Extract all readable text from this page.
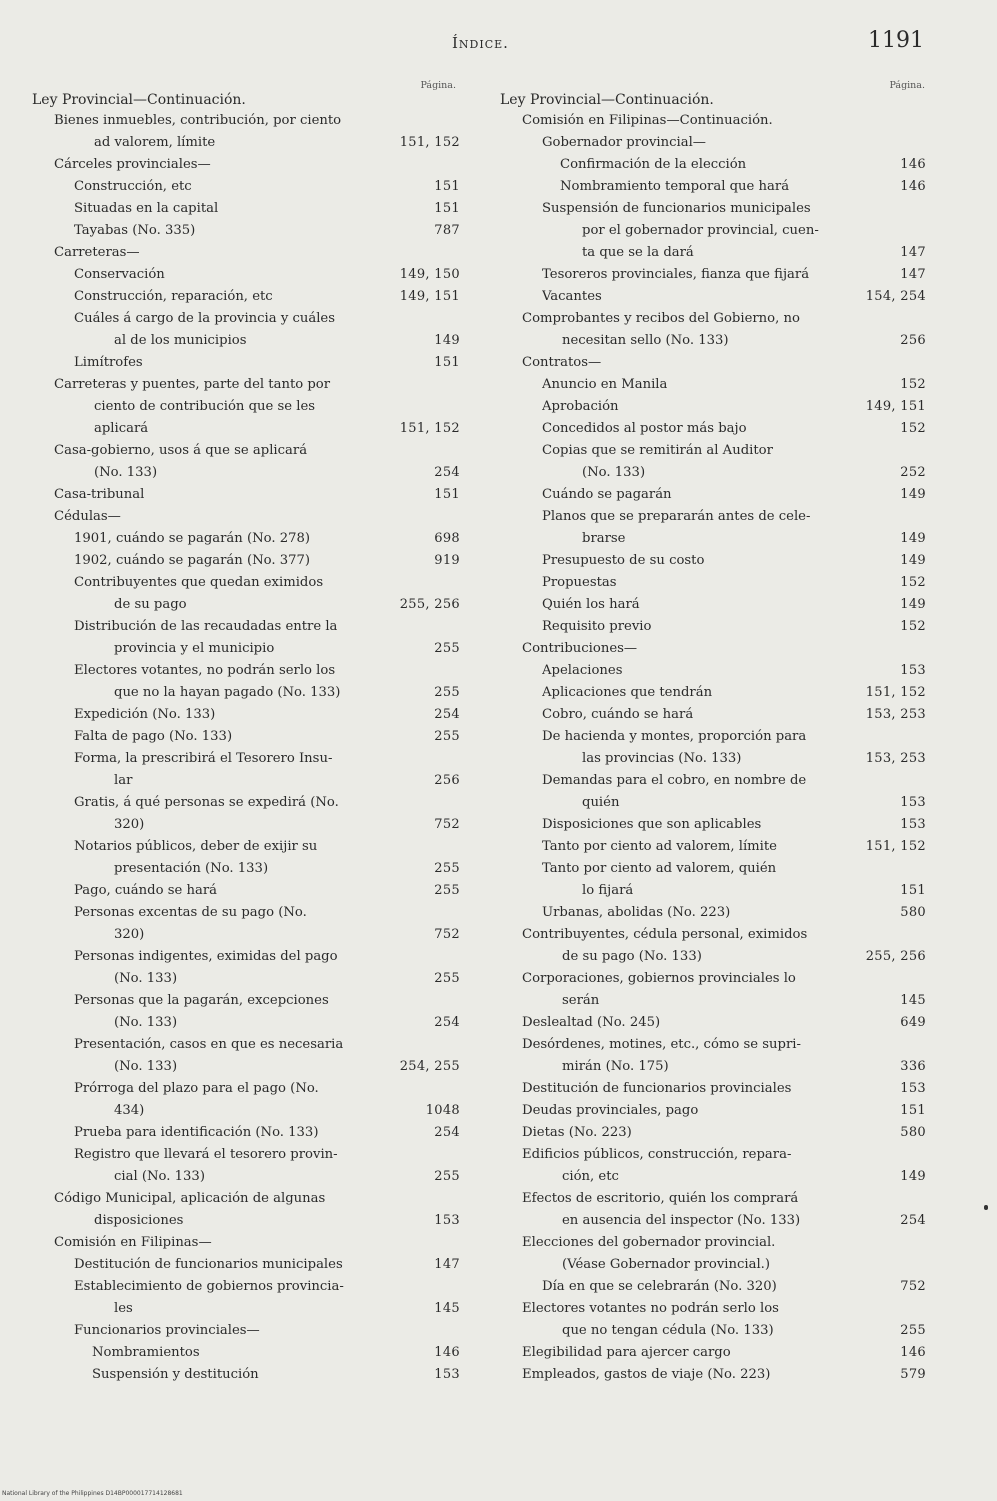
Índice.	1191
Página.
Ley Provincial—Continuación.
Bienes inmuebles, contribución, por ciento
ad valorem, límite	151, 152
Cárceles provinciales—
Construcción, etc	151
Situadas en la capital	151
Tayabas (No. 335)	787
Carreteras—
Conservación	149, 150
Construcción, reparación, etc	149, 151
Cuáles á cargo de la provincia y cuáles
al de los municipios	149
Limítrofes	151
Carreteras y puentes, parte del tanto por
ciento de contribución que se les
aplicará	151, 152
Casa-gobierno, usos á que se aplicará
(No. 133)	254
Casa-tribunal	151
Cédulas—
1901, cuándo se pagarán (No. 278)	698
1902, cuándo se pagarán (No. 377)	919
Contribuyentes que quedan eximidos
de su pago	255, 256
Distribución de las recaudadas entre la
provincia y el municipio	255
Electores votantes, no podrán serlo los
que no la hayan pagado (No. 133)	255
Expedición (No. 133)	254
Falta de pago (No. 133)	255
Forma, la prescribirá el Tesorero Insu-
lar	256
Gratis, á qué personas se expedirá (No.
320)	752
Notarios públicos, deber de exijir su
presentación (No. 133)	255
Pago, cuándo se hará	255
Personas excentas de su pago (No.
320)	752
Personas indigentes, eximidas del pago
(No. 133)	255
Personas que la pagarán, excepciones
(No. 133)	254
Presentación, casos en que es necesaria
(No. 133)	254, 255
Prórroga del plazo para el pago (No.
434)	1048
Prueba para identificación (No. 133)	254
Registro que llevará el tesorero provin-
cial (No. 133)	255
Código Municipal, aplicación de algunas
disposiciones	153
Comisión en Filipinas—
Destitución de funcionarios municipales	147
Establecimiento de gobiernos provincia-
les	145
Funcionarios provinciales—
Nombramientos	146
Suspensión y destitución	153
Página.
Ley Provincial—Continuación.
Comisión en Filipinas—Continuación.
Gobernador provincial—
Confirmación de la elección	146
Nombramiento temporal que hará	146
Suspensión de funcionarios municipales
por el gobernador provincial, cuen-
ta que se la dará	147
Tesoreros provinciales, fianza que fijará	147
Vacantes	154, 254
Comprobantes y recibos del Gobierno, no
necesitan sello (No. 133)	256
Contratos—
Anuncio en Manila	152
Aprobación	149, 151
Concedidos al postor más bajo	152
Copias que se remitirán al Auditor
(No. 133)	252
Cuándo se pagarán	149
Planos que se prepararán antes de cele-
brarse	149
Presupuesto de su costo	149
Propuestas	152
Quién los hará	149
Requisito previo	152
Contribuciones—
Apelaciones	153
Aplicaciones que tendrán	151, 152
Cobro, cuándo se hará	153, 253
De hacienda y montes, proporción para
las provincias (No. 133)	153, 253
Demandas para el cobro, en nombre de
quién	153
Disposiciones que son aplicables	153
Tanto por ciento ad valorem, límite	151, 152
Tanto por ciento ad valorem, quién
lo fijará	151
Urbanas, abolidas (No. 223)	580
Contribuyentes, cédula personal, eximidos
de su pago (No. 133)	255, 256
Corporaciones, gobiernos provinciales lo
serán	145
Deslealtad (No. 245)	649
Desórdenes, motines, etc., cómo se supri-
mirán (No. 175)	336
Destitución de funcionarios provinciales	153
Deudas provinciales, pago	151
Dietas (No. 223)	580
Edificios públicos, construcción, repara-
ción, etc	149
Efectos de escritorio, quién los comprará
en ausencia del inspector (No. 133)	254
Elecciones del gobernador provincial.
(Véase Gobernador provincial.)
Día en que se celebrarán (No. 320)	752
Electores votantes no podrán serlo los
que no tengan cédula (No. 133)	255
Elegibilidad para ajercer cargo	146
Empleados, gastos de viaje (No. 223)	579
National Library of the Philippines D14BP000017714128681
